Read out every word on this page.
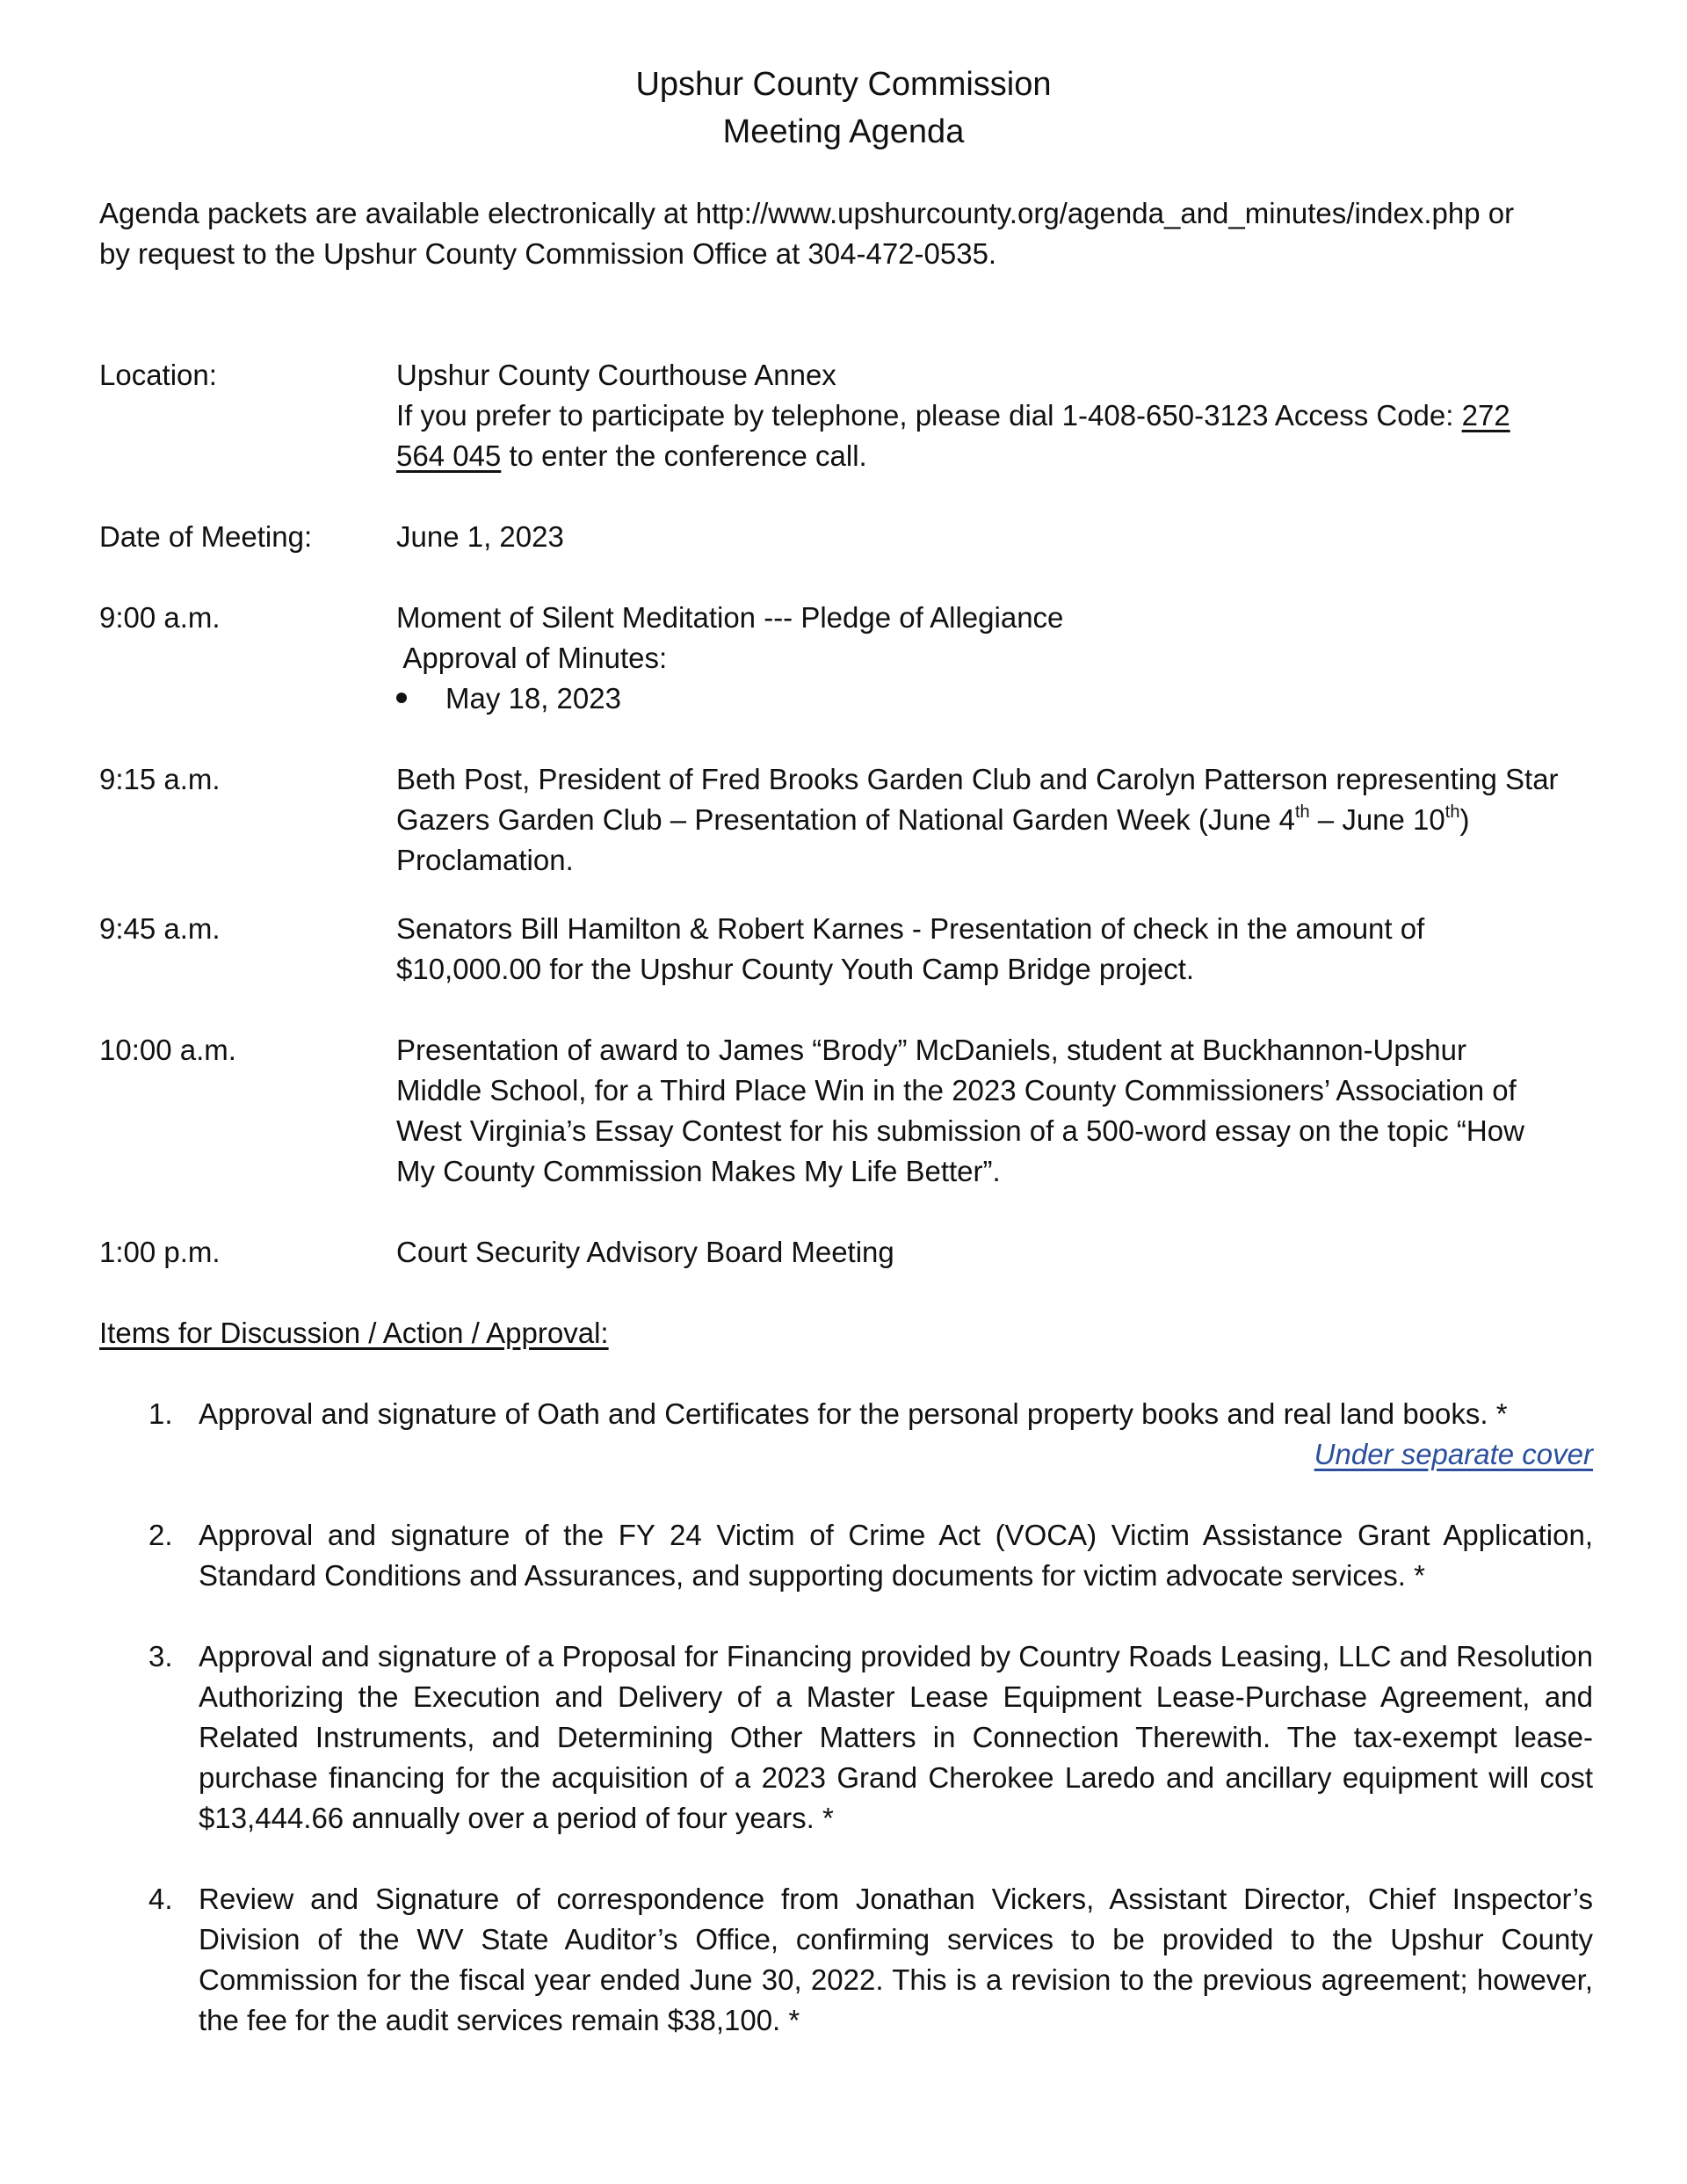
Upshur County Commission
Meeting Agenda
Agenda packets are available electronically at http://www.upshurcounty.org/agenda_and_minutes/index.php or
by request to the Upshur County Commission Office at 304-472-0535.
Location:	Upshur County Courthouse Annex
If you prefer to participate by telephone, please dial 1-408-650-3123 Access Code: 272
564 045 to enter the conference call.
Date of Meeting:	June 1, 2023
9:00 a.m.	Moment of Silent Meditation --- Pledge of Allegiance
Approval of Minutes:
May 18, 2023
9:15 a.m.	Beth Post, President of Fred Brooks Garden Club and Carolyn Patterson representing Star
Gazers Garden Club – Presentation of National Garden Week (June 4th – June 10th)
Proclamation.
9:45 a.m.	Senators Bill Hamilton & Robert Karnes - Presentation of check in the amount of
$10,000.00 for the Upshur County Youth Camp Bridge project.
10:00 a.m.	Presentation of award to James “Brody” McDaniels, student at Buckhannon-Upshur
Middle School, for a Third Place Win in the 2023 County Commissioners’ Association of
West Virginia’s Essay Contest for his submission of a 500-word essay on the topic “How
My County Commission Makes My Life Better”.
1:00 p.m.	Court Security Advisory Board Meeting
Items for Discussion / Action / Approval:
1. Approval and signature of Oath and Certificates for the personal property books and real land books. *
Under separate cover
2. Approval and signature of the FY 24 Victim of Crime Act (VOCA) Victim Assistance Grant Application, Standard Conditions and Assurances, and supporting documents for victim advocate services. *
3. Approval and signature of a Proposal for Financing provided by Country Roads Leasing, LLC and Resolution Authorizing the Execution and Delivery of a Master Lease Equipment Lease-Purchase Agreement, and Related Instruments, and Determining Other Matters in Connection Therewith. The tax-exempt lease-purchase financing for the acquisition of a 2023 Grand Cherokee Laredo and ancillary equipment will cost $13,444.66 annually over a period of four years. *
4. Review and Signature of correspondence from Jonathan Vickers, Assistant Director, Chief Inspector’s Division of the WV State Auditor’s Office, confirming services to be provided to the Upshur County Commission for the fiscal year ended June 30, 2022. This is a revision to the previous agreement; however, the fee for the audit services remain $38,100. *
